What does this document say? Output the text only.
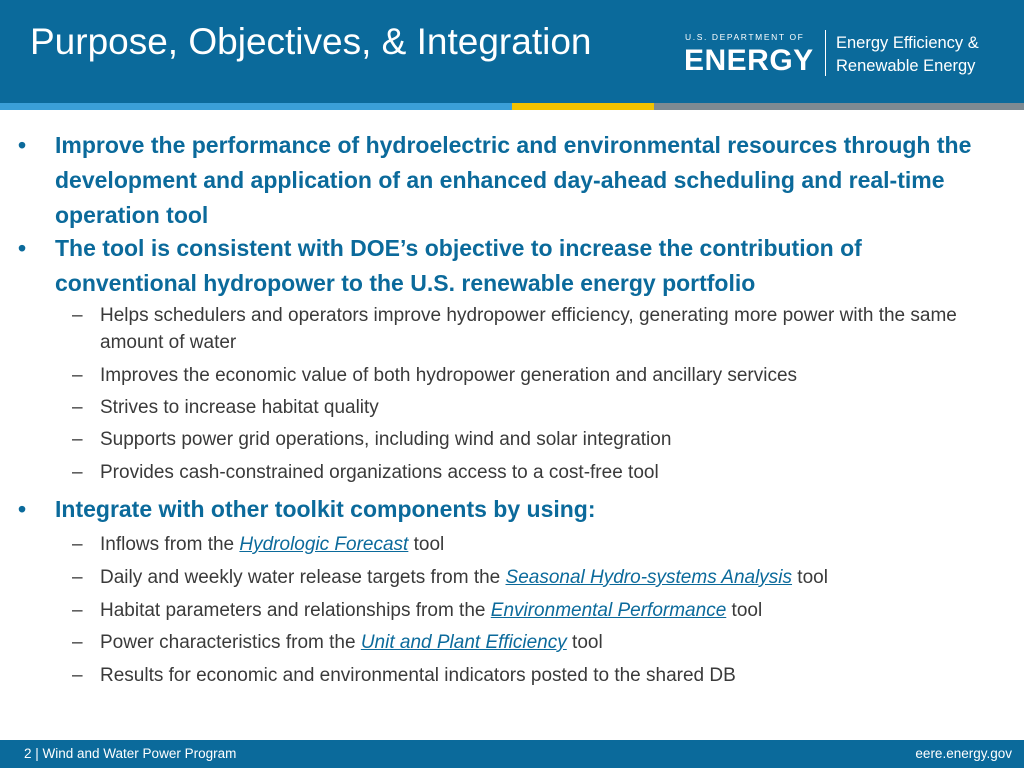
Purpose, Objectives, & Integration	U.S. DEPARTMENT OF
ENERGY
Energy Efficiency &
Renewable Energy
• Improve the performance of hydroelectric and environmental resources through the development and application of an enhanced day-ahead scheduling and real-time operation tool
• The tool is consistent with DOE’s objective to increase the contribution of conventional hydropower to the U.S. renewable energy portfolio
– Helps schedulers and operators improve hydropower efficiency, generating more power with the same amount of water
– Improves the economic value of both hydropower generation and ancillary services
– Strives to increase habitat quality
– Supports power grid operations, including wind and solar integration
– Provides cash-constrained organizations access to a cost-free tool
• Integrate with other toolkit components by using:
– Inflows from the Hydrologic Forecast tool
– Daily and weekly water release targets from the Seasonal Hydro-systems Analysis tool
– Habitat parameters and relationships from the Environmental Performance tool
– Power characteristics from the Unit and Plant Efficiency tool
– Results for economic and environmental indicators posted to the shared DB
2 | Wind and Water Power Program	eere.energy.gov
